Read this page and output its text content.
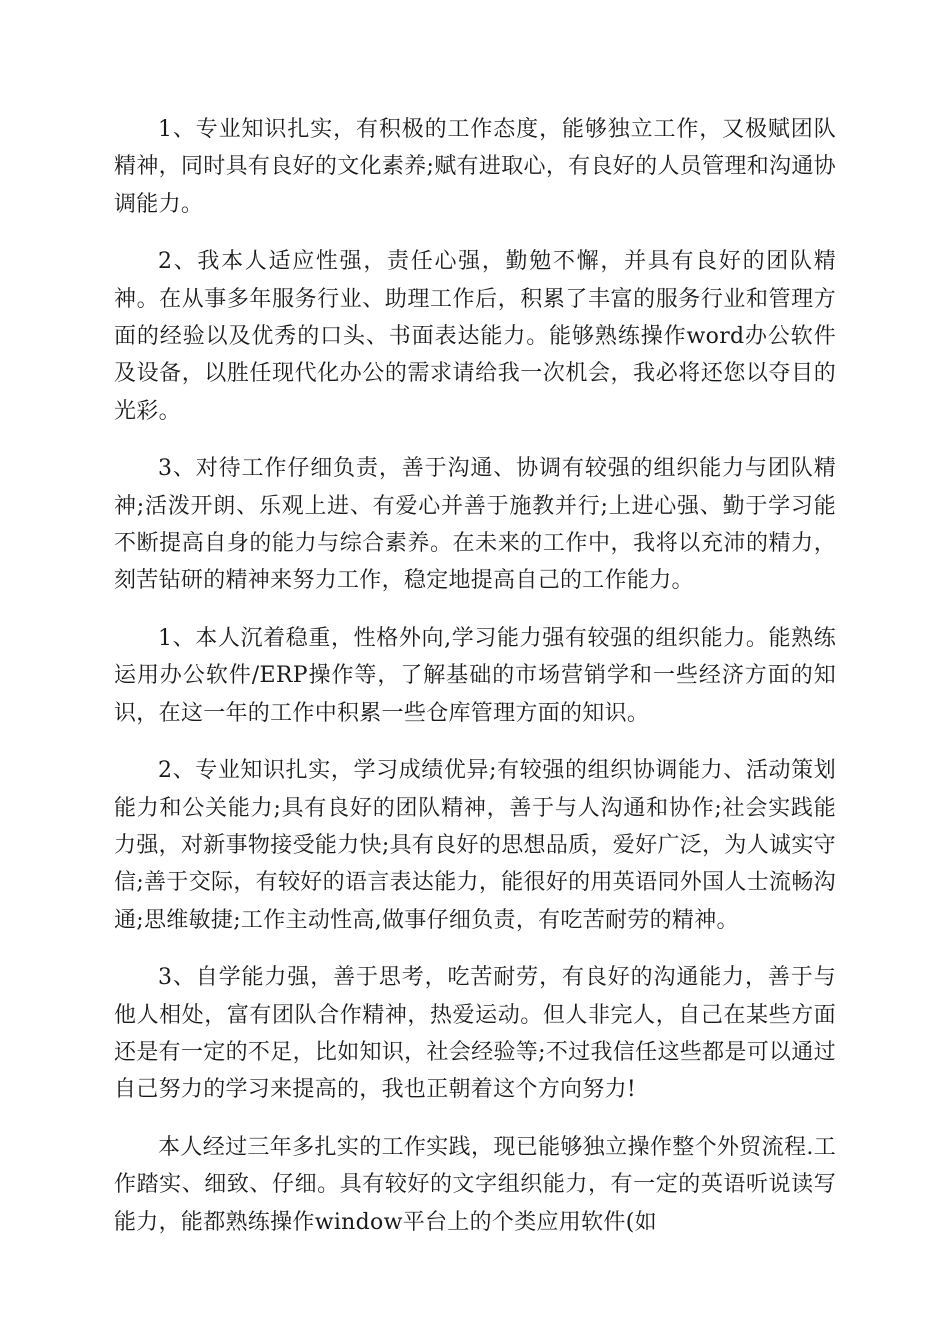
1、专业知识扎实，有积极的工作态度，能够独立工作，又极赋团队精神，同时具有良好的文化素养;赋有进取心，有良好的人员管理和沟通协调能力。

2、我本人适应性强，责任心强，勤勉不懈，并具有良好的团队精神。在从事多年服务行业、助理工作后，积累了丰富的服务行业和管理方面的经验以及优秀的口头、书面表达能力。能够熟练操作word办公软件及设备，以胜任现代化办公的需求请给我一次机会，我必将还您以夺目的光彩。

3、对待工作仔细负责，善于沟通、协调有较强的组织能力与团队精神;活泼开朗、乐观上进、有爱心并善于施教并行;上进心强、勤于学习能不断提高自身的能力与综合素养。在未来的工作中，我将以充沛的精力，刻苦钻研的精神来努力工作，稳定地提高自己的工作能力。

1、本人沉着稳重，性格外向,学习能力强有较强的组织能力。能熟练运用办公软件/ERP操作等，了解基础的市场营销学和一些经济方面的知识，在这一年的工作中积累一些仓库管理方面的知识。

2、专业知识扎实，学习成绩优异;有较强的组织协调能力、活动策划能力和公关能力;具有良好的团队精神，善于与人沟通和协作;社会实践能力强，对新事物接受能力快;具有良好的思想品质，爱好广泛，为人诚实守信;善于交际，有较好的语言表达能力，能很好的用英语同外国人士流畅沟通;思维敏捷;工作主动性高,做事仔细负责，有吃苦耐劳的精神。

3、自学能力强，善于思考，吃苦耐劳，有良好的沟通能力，善于与他人相处，富有团队合作精神，热爱运动。但人非完人，自己在某些方面还是有一定的不足，比如知识，社会经验等;不过我信任这些都是可以通过自己努力的学习来提高的，我也正朝着这个方向努力!

本人经过三年多扎实的工作实践，现已能够独立操作整个外贸流程.工作踏实、细致、仔细。具有较好的文字组织能力，有一定的英语听说读写能力，能都熟练操作window平台上的个类应用软件(如
